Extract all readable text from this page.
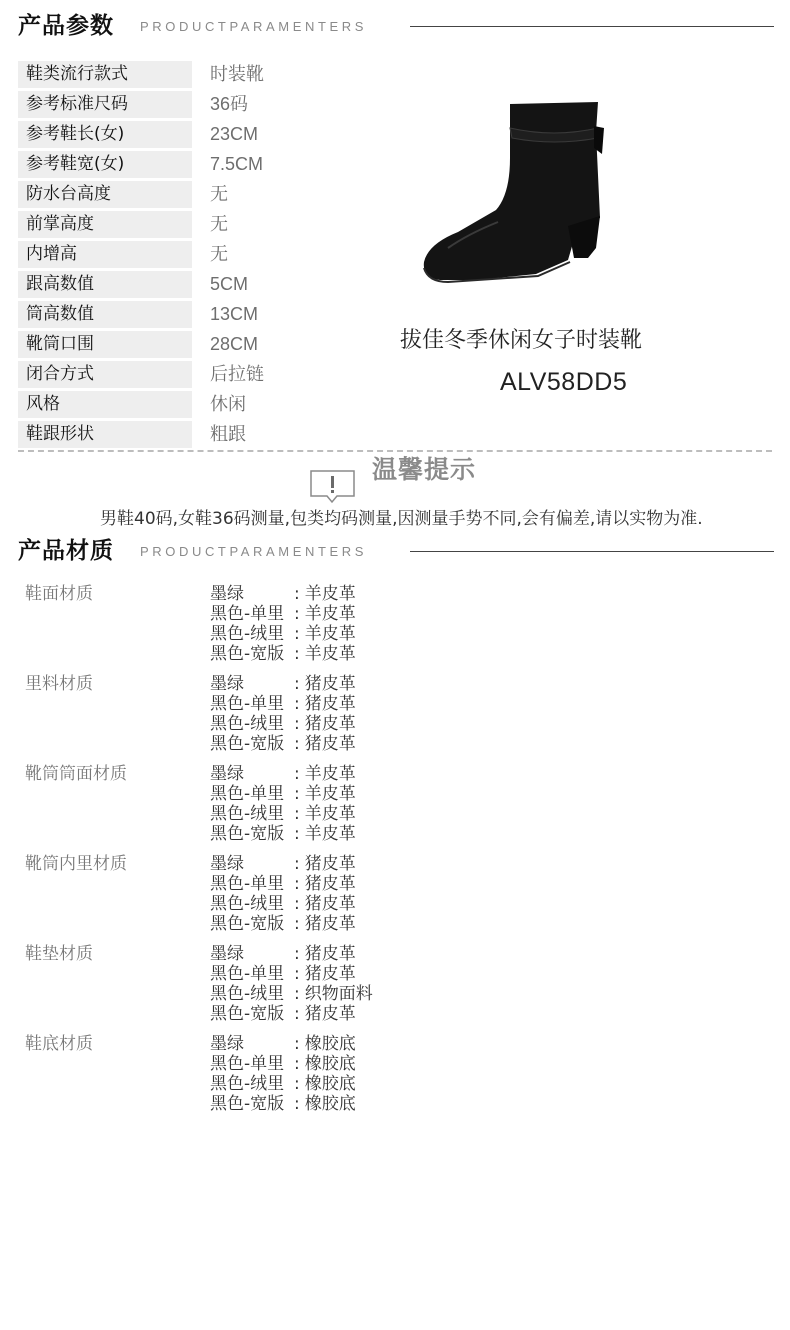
产品参数 PRODUCTPARAMENTERS
鞋类流行款式	时装靴
参考标准尺码	36码
参考鞋长(女)	23CM
参考鞋宽(女)	7.5CM
防水台高度	无
前掌高度	无
内增高	无
跟高数值	5CM
筒高数值	13CM
靴筒口围	28CM
闭合方式	后拉链
风格	休闲
鞋跟形状	粗跟
拔佳冬季休闲女子时装靴
ALV58DD5
温馨提示
男鞋40码,女鞋36码测量,包类均码测量,因测量手势不同,会有偏差,请以实物为准.
产品材质 PRODUCTPARAMENTERS
鞋面材质	墨绿	: 羊皮革
黑色-单里 : 羊皮革
黑色-绒里 : 羊皮革
黑色-宽版 : 羊皮革
里料材质	墨绿	: 猪皮革
黑色-单里 : 猪皮革
黑色-绒里 : 猪皮革
黑色-宽版 : 猪皮革
靴筒筒面材质	墨绿	: 羊皮革
黑色-单里 : 羊皮革
黑色-绒里 : 羊皮革
黑色-宽版 : 羊皮革
靴筒内里材质	墨绿	: 猪皮革
黑色-单里 : 猪皮革
黑色-绒里 : 猪皮革
黑色-宽版 : 猪皮革
鞋垫材质	墨绿	: 猪皮革
黑色-单里 : 猪皮革
黑色-绒里 : 织物面料
黑色-宽版 : 猪皮革
鞋底材质	墨绿	: 橡胶底
黑色-单里 : 橡胶底
黑色-绒里 : 橡胶底
黑色-宽版 : 橡胶底
